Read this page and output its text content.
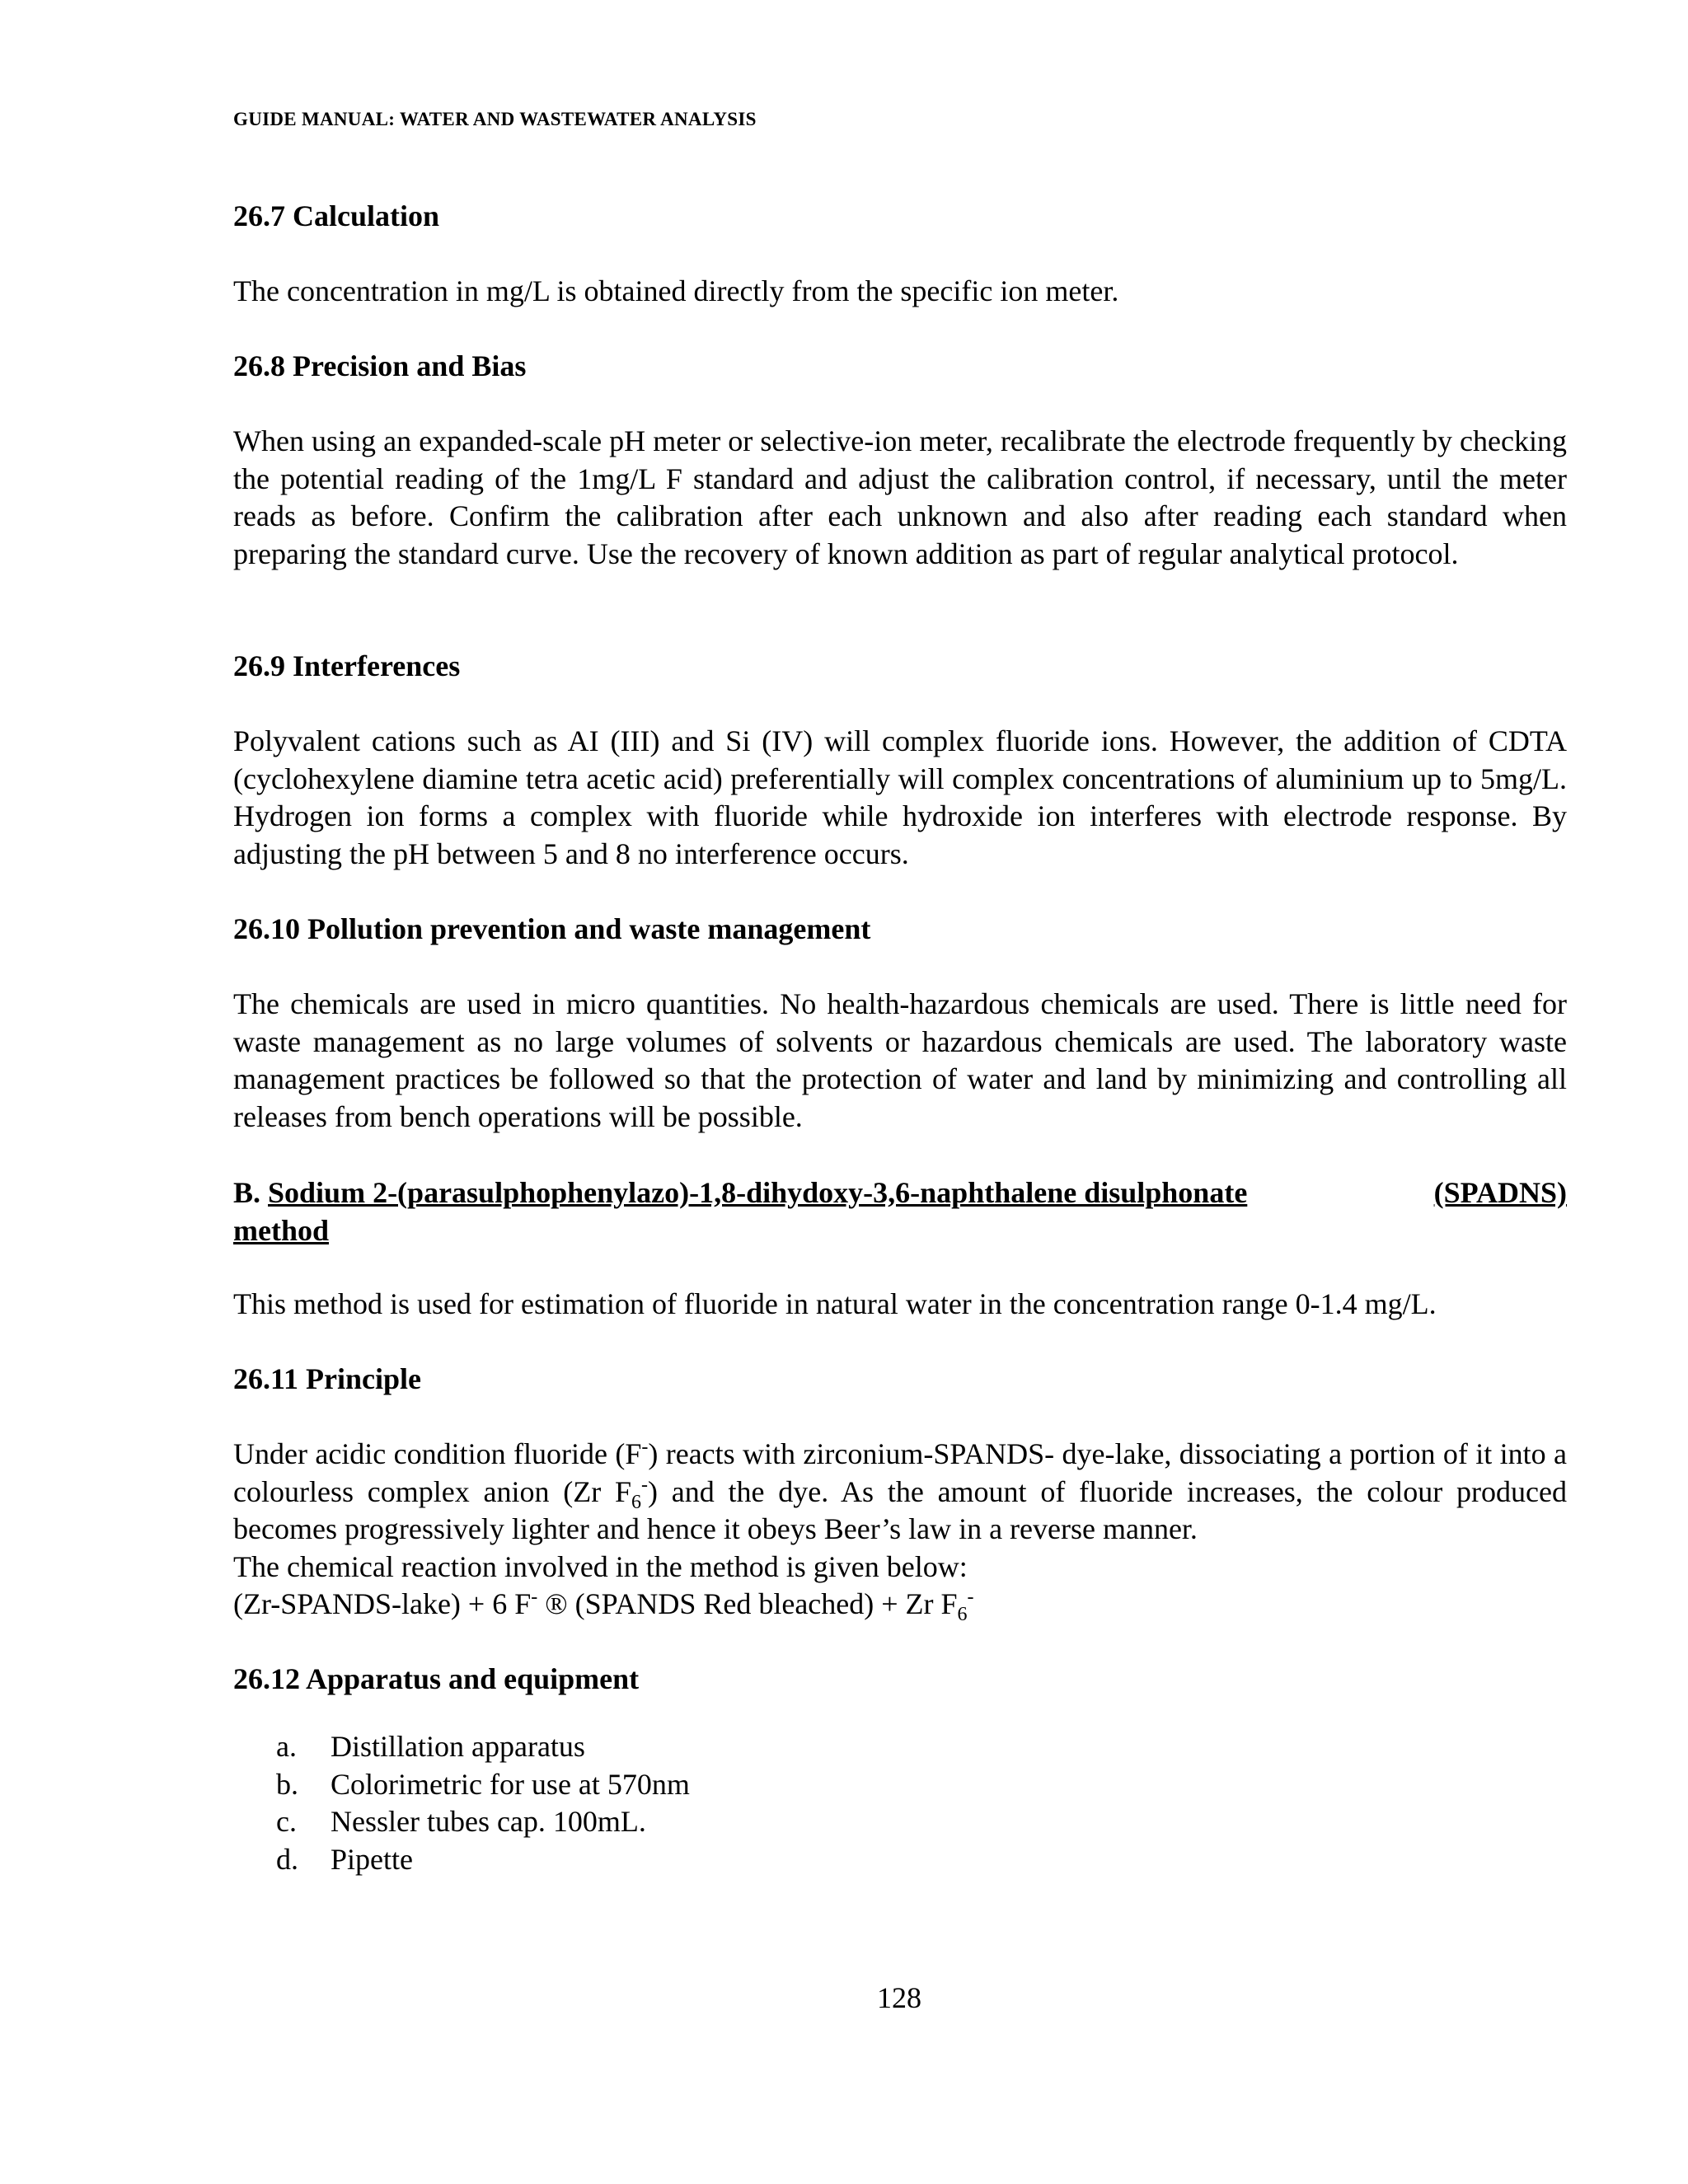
GUIDE MANUAL: WATER AND WASTEWATER ANALYSIS

26.7 Calculation

The concentration in mg/L is obtained directly from the specific ion meter.

26.8 Precision and Bias

When using an expanded-scale pH meter or selective-ion meter, recalibrate the electrode frequently by checking the potential reading of the 1mg/L F standard and adjust the calibration control, if necessary, until the meter reads as before. Confirm the calibration after each unknown and also after reading each standard when preparing the standard curve. Use the recovery of known addition as part of regular analytical protocol.

26.9 Interferences

Polyvalent cations such as AI (III) and Si (IV) will complex fluoride ions. However, the addition of CDTA (cyclohexylene diamine tetra acetic acid) preferentially will complex concentrations of aluminium up to 5mg/L. Hydrogen ion forms a complex with fluoride while hydroxide ion interferes with electrode response. By adjusting the pH between 5 and 8 no interference occurs.

26.10 Pollution prevention and waste management

The chemicals are used in micro quantities. No health-hazardous chemicals are used. There is little need for waste management as no large volumes of solvents or hazardous chemicals are used. The laboratory waste management practices be followed so that the protection of water and land by minimizing and controlling all releases from bench operations will be possible.

B. Sodium 2-(parasulphophenylazo)-1,8-dihydoxy-3,6-naphthalene disulphonate	(SPADNS)
method

This method is used for estimation of fluoride in natural water in the concentration range 0-1.4 mg/L.

26.11 Principle

Under acidic condition fluoride (F-) reacts with zirconium-SPANDS- dye-lake, dissociating a portion of it into a colourless complex anion (Zr $F_6^-$) and the dye. As the amount of fluoride increases, the colour produced becomes progressively lighter and hence it obeys Beer’s law in a reverse manner.

The chemical reaction involved in the method is given below:

(Zr-SPANDS-lake) + 6 F- ® (SPANDS Red bleached) + Zr $F_6^-$

26.12 Apparatus and equipment

a.	Distillation apparatus
b.	Colorimetric for use at 570nm
c.	Nessler tubes cap. 100mL.
d.	Pipette
128
